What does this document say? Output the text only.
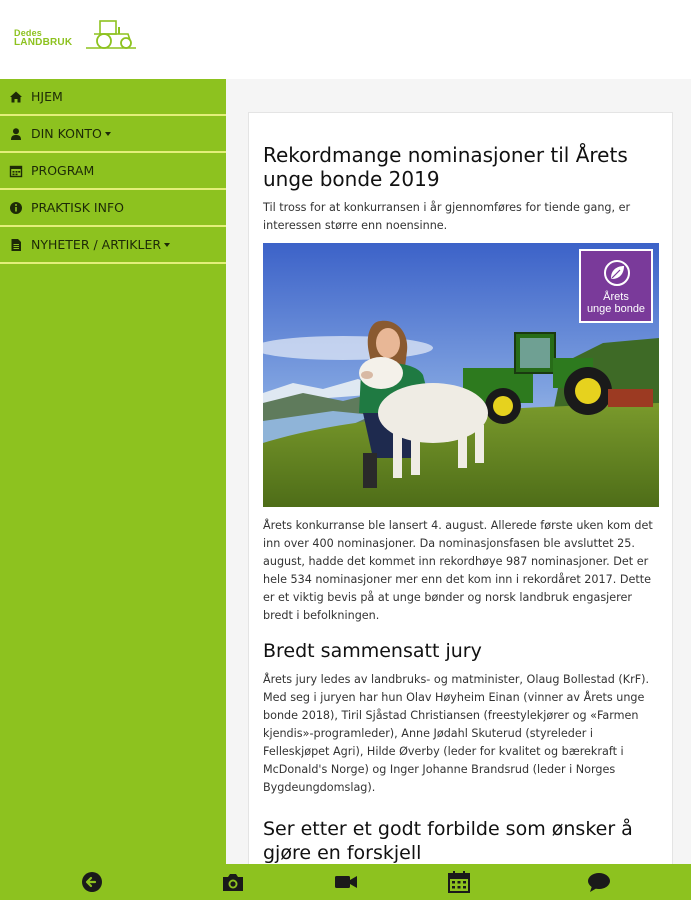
Dedes
LANDBRUK
HJEM
DIN KONTO
PROGRAM
PRAKTISK INFO
NYHETER / ARTIKLER
Rekordmange nominasjoner til Årets unge bonde 2019

Til tross for at konkurransen i år gjennomføres for tiende gang, er interessen større enn noensinne.

Årets
unge bonde

Årets konkurranse ble lansert 4. august. Allerede første uken kom det inn over 400 nominasjoner. Da nominasjonsfasen ble avsluttet 25. august, hadde det kommet inn rekordhøye 987 nominasjoner. Det er hele 534 nominasjoner mer enn det kom inn i rekordåret 2017. Dette er et viktig bevis på at unge bønder og norsk landbruk engasjerer bredt i befolkningen.

Bredt sammensatt jury

Årets jury ledes av landbruks- og matminister, Olaug Bollestad (KrF). Med seg i juryen har hun Olav Høyheim Einan (vinner av Årets unge bonde 2018), Tiril Sjåstad Christiansen (freestylekjører og «Farmen kjendis»-programleder), Anne Jødahl Skuterud (styreleder i Felleskjøpet Agri), Hilde Øverby (leder for kvalitet og bærekraft i McDonald's Norge) og Inger Johanne Brandsrud (leder i Norges Bygdeungdomslag).

Ser etter et godt forbilde som ønsker å gjøre en forskjell
